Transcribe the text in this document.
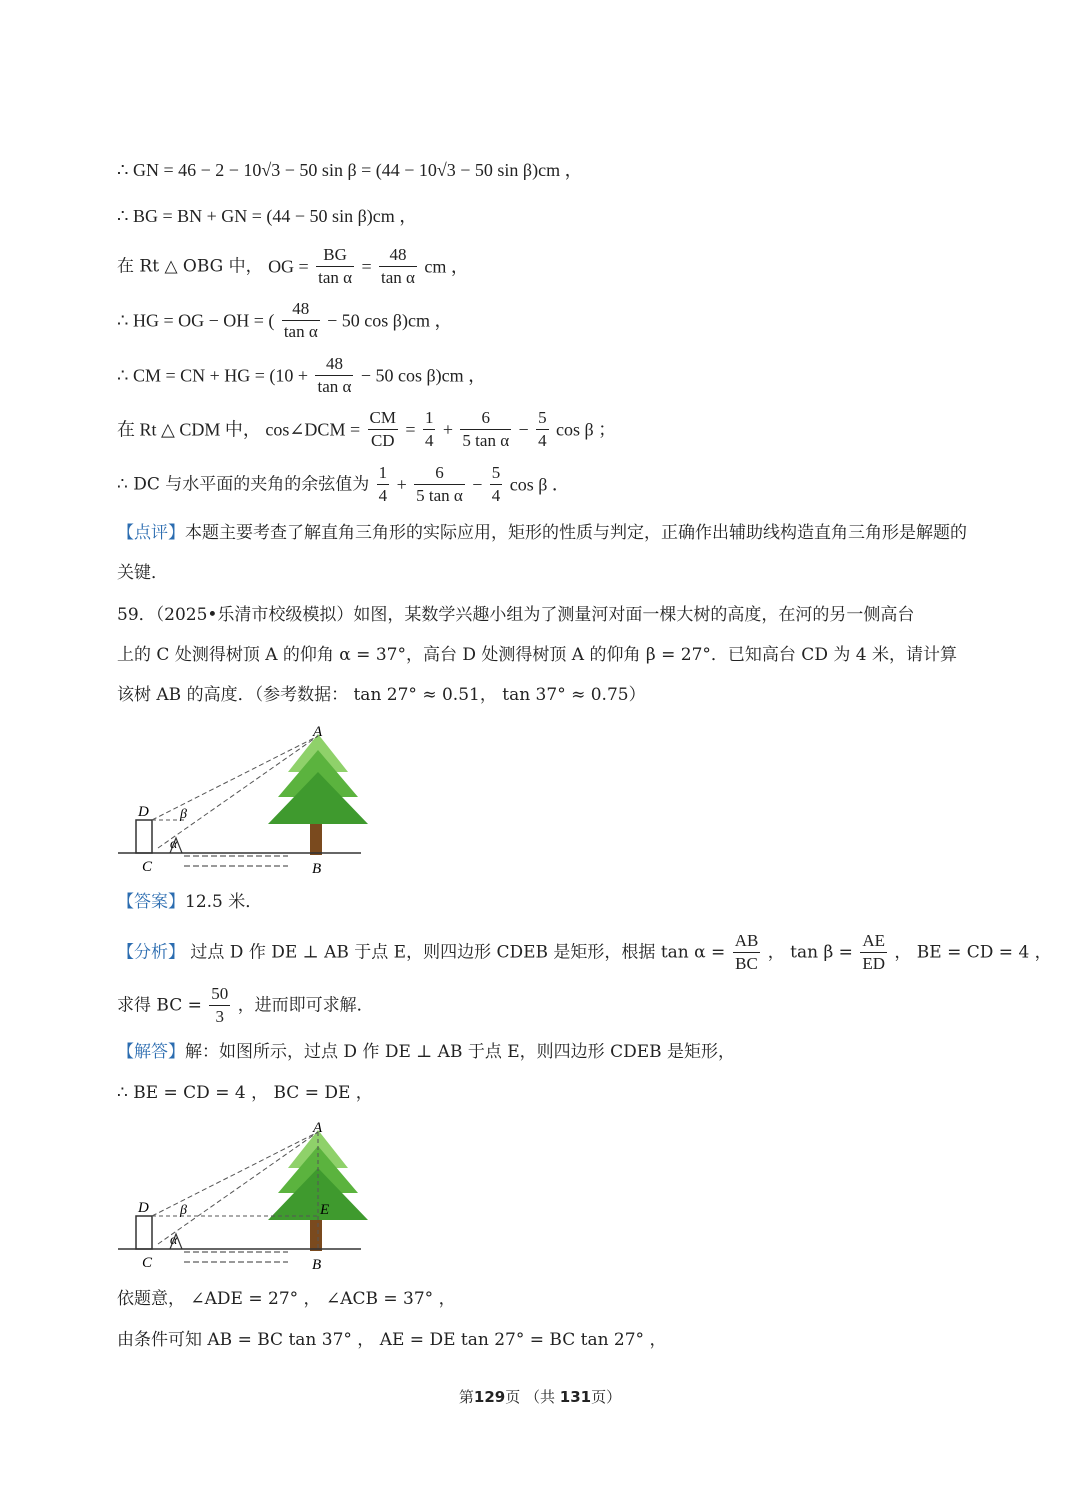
∴ GN = 46 − 2 − 10√3 − 50 sin β = (44 − 10√3 − 50 sin β)cm ，
∴ BG = BN + GN = (44 − 50 sin β)cm ，
在 Rt △ OBG 中， OG = $\frac{BG}{\text{tan α}} = \frac{48}{\text{tan α}}$ cm ，
∴ HG = OG − OH = ( $\frac{48}{\text{tan α}} - 50$ cos β)cm ，
∴ CM = CN + HG = ($10 + \frac{48}{\text{tan α}} - 50$ cos β)cm ，
在 Rt △ CDM 中， cos∠DCM = $\frac{CM}{CD} = \frac{1}{4} + \frac{6}{\text{5 tan α}} - \frac{5}{4}$ cos β ；
∴ DC 与水平面的夹角的余弦值为 $\frac{1}{4} + \frac{6}{\text{5 tan α}} - \frac{5}{4}$ cos β ．
【点评】本题主要考查了解直角三角形的实际应用，矩形的性质与判定，正确作出辅助线构造直角三角形是解题的关键．
59．（2025•乐清市校级模拟）如图，某数学兴趣小组为了测量河对面一棵大树的高度，在河的另一侧高台
上的 C 处测得树顶 A 的仰角 α = 37°，高台 D 处测得树顶 A 的仰角 β = 27°．已知高台 CD 为 4 米，请计算
该树 AB 的高度．（参考数据： tan 27° ≈ 0.51， tan 37° ≈ 0.75）
D
C	B
A
β
α
【答案】12.5 米．
【分析】 过点 D 作 DE ⊥ AB 于点 E，则四边形 CDEB 是矩形，根据 $\tan \alpha = \frac{AB}{BC}$ ， $\tan \beta = \frac{AE}{ED}$ ， BE = CD = 4 ，
求得 BC = $\frac{50}{3}$ ，进而即可求解．
【解答】解：如图所示，过点 D 作 DE ⊥ AB 于点 E，则四边形 CDEB 是矩形，
∴ BE = CD = 4 ， BC = DE ，
D
C	B
A
E
β
α
依题意， ∠ADE = 27° ， ∠ACB = 37° ，
由条件可知 AB = BC tan 37° ， AE = DE tan 27° = BC tan 27° ，
第129页 （共 131页）
